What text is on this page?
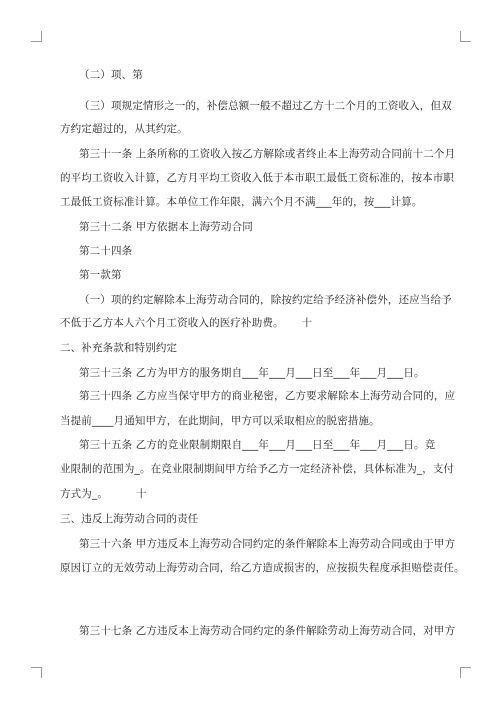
（二）项、第
（三）项规定情形之一的，补偿总额一般不超过乙方十二个月的工资收入，但双
方约定超过的，从其约定。
第三十一条 上条所称的工资收入按乙方解除或者终止本上海劳动合同前十二个月
的平均工资收入计算，乙方月平均工资收入低于本市职工最低工资标准的，按本市职
工最低工资标准计算。本单位工作年限，满六个月不满___年的，按___计算。
第三十二条 甲方依据本上海劳动合同
第二十四条
第一款第
（一）项的约定解除本上海劳动合同的，除按约定给予经济补偿外，还应当给予
不低于乙方本人六个月工资收入的医疗补助费。 十
二、补充条款和特别约定
第三十三条 乙方为甲方的服务期自___年___月___日至___年___月___日。
第三十四条 乙方应当保守甲方的商业秘密，乙方要求解除本上海劳动合同的，应
当提前____月通知甲方，在此期间，甲方可以采取相应的脱密措施。
第三十五条 乙方的竞业限制期限自___年___月___日至___年___月___日。竞
业限制的范围为_。在竞业限制期间甲方给予乙方一定经济补偿，具体标准为_，支付
方式为_。	十
三、违反上海劳动合同的责任
第三十六条 甲方违反本上海劳动合同约定的条件解除本上海劳动合同或由于甲方
原因订立的无效劳动上海劳动合同，给乙方造成损害的，应按损失程度承担赔偿责任。
第三十七条 乙方违反本上海劳动合同约定的条件解除劳动上海劳动合同，对甲方
